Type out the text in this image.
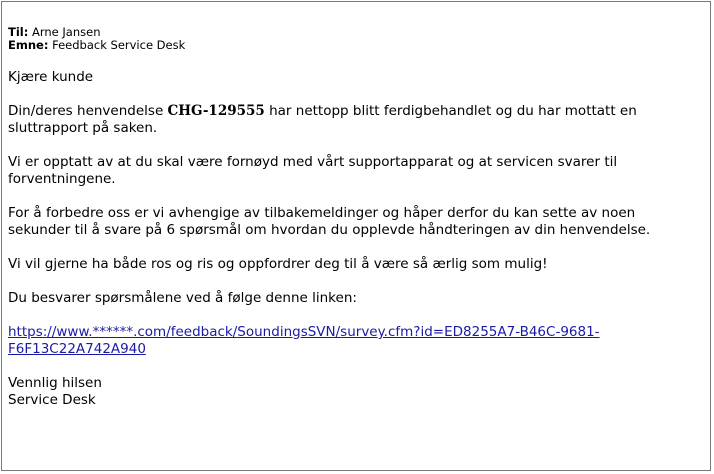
Til: Arne Jansen
Emne: Feedback Service Desk

Kjære kunde

Din/deres henvendelse CHG-129555 har nettopp blitt ferdigbehandlet og du har mottatt en sluttrapport på saken.

Vi er opptatt av at du skal være fornøyd med vårt supportapparat og at servicen svarer til forventningene.

For å forbedre oss er vi avhengige av tilbakemeldinger og håper derfor du kan sette av noen sekunder til å svare på 6 spørsmål om hvordan du opplevde håndteringen av din henvendelse.

Vi vil gjerne ha både ros og ris og oppfordrer deg til å være så ærlig som mulig!

Du besvarer spørsmålene ved å følge denne linken:

https://www.******.com/feedback/SoundingsSVN/survey.cfm?id=ED8255A7-B46C-9681-
F6F13C22A742A940

Vennlig hilsen

Service Desk
